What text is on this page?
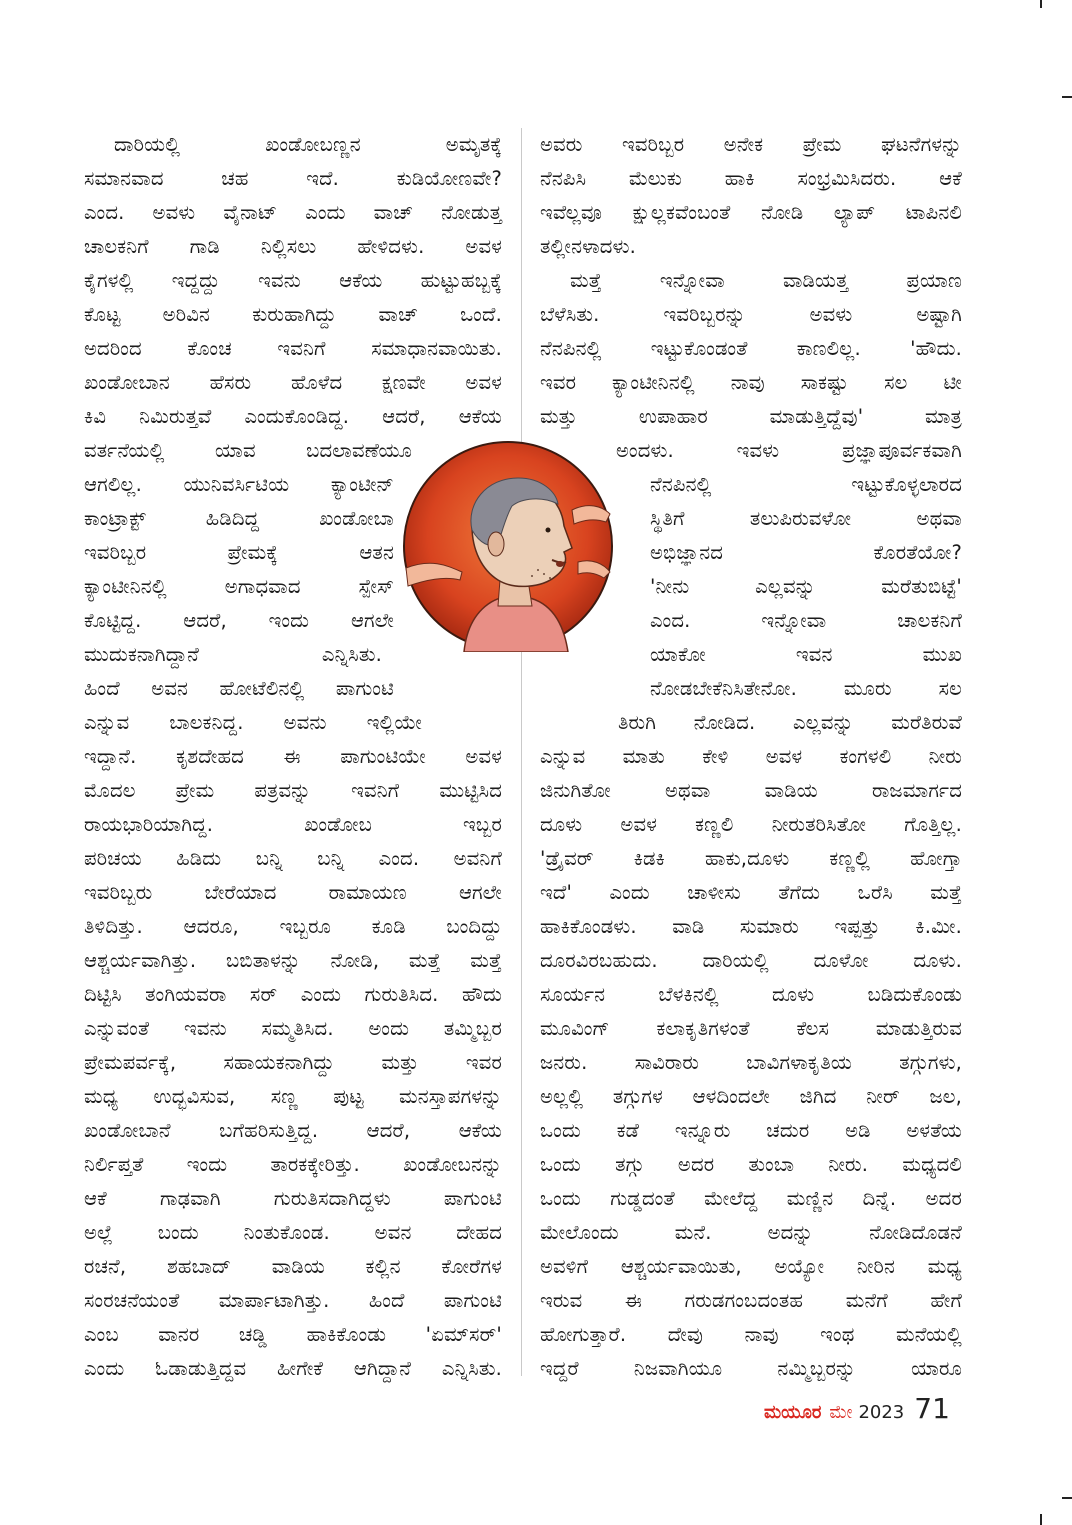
ದಾರಿಯಲ್ಲಿ ಖಂಡೋಬಣ್ಣನ ಅಮೃತಕ್ಕೆ
ಸಮಾನವಾದ ಚಹ ಇದೆ. ಕುಡಿಯೋಣವೇ?
ಎಂದ. ಅವಳು ವೈನಾಟ್ ಎಂದು ವಾಚ್ ನೋಡುತ್ತ
ಚಾಲಕನಿಗೆ ಗಾಡಿ ನಿಲ್ಲಿಸಲು ಹೇಳಿದಳು. ಅವಳ
ಕೈಗಳಲ್ಲಿ ಇದ್ದದ್ದು ಇವನು ಆಕೆಯ ಹುಟ್ಟುಹಬ್ಬಕ್ಕೆ
ಕೊಟ್ಟ ಅರಿವಿನ ಕುರುಹಾಗಿದ್ದು ವಾಚ್ ಒಂದೆ.
ಅದರಿಂದ ಕೊಂಚ ಇವನಿಗೆ ಸಮಾಧಾನವಾಯಿತು.
ಖಂಡೋಬಾನ ಹೆಸರು ಹೊಳೆದ ಕ್ಷಣವೇ ಅವಳ
ಕಿವಿ ನಿಮಿರುತ್ತವೆ ಎಂದುಕೊಂಡಿದ್ದ. ಆದರೆ, ಆಕೆಯ
ವರ್ತನೆಯಲ್ಲಿ ಯಾವ ಬದಲಾವಣೆಯೂ
ಆಗಲಿಲ್ಲ. ಯುನಿವರ್ಸಿಟಿಯ ಕ್ಯಾಂಟೀನ್
ಕಾಂಟ್ರಾಕ್ಟ್ ಹಿಡಿದಿದ್ದ ಖಂಡೋಬಾ
ಇವರಿಬ್ಬರ ಪ್ರೇಮಕ್ಕೆ ಆತನ
ಕ್ಯಾಂಟೀನಿನಲ್ಲಿ ಅಗಾಧವಾದ ಸ್ಪೇಸ್
ಕೊಟ್ಟಿದ್ದ. ಆದರೆ, ಇಂದು ಆಗಲೇ
ಮುದುಕನಾಗಿದ್ದಾನೆ ಎನ್ನಿಸಿತು.
ಹಿಂದೆ ಅವನ ಹೋಟೆಲಿನಲ್ಲಿ ಪಾಗುಂಟಿ
ಎನ್ನುವ ಬಾಲಕನಿದ್ದ. ಅವನು ಇಲ್ಲಿಯೇ
ಇದ್ದಾನೆ. ಕೃಶದೇಹದ ಈ ಪಾಗುಂಟಿಯೇ ಅವಳ
ಮೊದಲ ಪ್ರೇಮ ಪತ್ರವನ್ನು ಇವನಿಗೆ ಮುಟ್ಟಿಸಿದ
ರಾಯಭಾರಿಯಾಗಿದ್ದ. ಖಂಡೋಬ ಇಬ್ಬರ
ಪರಿಚಯ ಹಿಡಿದು ಬನ್ನಿ ಬನ್ನಿ ಎಂದ. ಅವನಿಗೆ
ಇವರಿಬ್ಬರು ಬೇರೆಯಾದ ರಾಮಾಯಣ ಆಗಲೇ
ತಿಳಿದಿತ್ತು. ಆದರೂ, ಇಬ್ಬರೂ ಕೂಡಿ ಬಂದಿದ್ದು
ಆಶ್ಚರ್ಯವಾಗಿತ್ತು. ಬಬಿತಾಳನ್ನು ನೋಡಿ, ಮತ್ತೆ ಮತ್ತೆ
ದಿಟ್ಟಿಸಿ ತಂಗಿಯವರಾ ಸರ್ ಎಂದು ಗುರುತಿಸಿದ. ಹೌದು
ಎನ್ನುವಂತೆ ಇವನು ಸಮ್ಮತಿಸಿದ. ಅಂದು ತಮ್ಮಿಬ್ಬರ
ಪ್ರೇಮಪರ್ವಕ್ಕೆ, ಸಹಾಯಕನಾಗಿದ್ದು ಮತ್ತು ಇವರ
ಮಧ್ಯ ಉದ್ಭವಿಸುವ, ಸಣ್ಣ ಪುಟ್ಟ ಮನಸ್ತಾಪಗಳನ್ನು
ಖಂಡೋಬಾನೆ ಬಗೆಹರಿಸುತ್ತಿದ್ದ. ಆದರೆ, ಆಕೆಯ
ನಿರ್ಲಿಪ್ತತೆ ಇಂದು ತಾರಕಕ್ಕೇರಿತ್ತು. ಖಂಡೋಬನನ್ನು
ಆಕೆ ಗಾಢವಾಗಿ ಗುರುತಿಸದಾಗಿದ್ದಳು ಪಾಗುಂಟಿ
ಅಲ್ಲೆ ಬಂದು ನಿಂತುಕೊಂಡ. ಅವನ ದೇಹದ
ರಚನೆ, ಶಹಬಾದ್ ವಾಡಿಯ ಕಲ್ಲಿನ ಕೋರೆಗಳ
ಸಂರಚನೆಯಂತೆ ಮಾರ್ಪಾಟಾಗಿತ್ತು. ಹಿಂದೆ ಪಾಗುಂಟಿ
ಎಂಬ ವಾನರ ಚಡ್ಡಿ ಹಾಕಿಕೊಂಡು 'ಏಮ್‌ಸರ್'
ಎಂದು ಓಡಾಡುತ್ತಿದ್ದವ ಹೀಗೇಕೆ ಆಗಿದ್ದಾನೆ ಎನ್ನಿಸಿತು.
ಅವರು ಇವರಿಬ್ಬರ ಅನೇಕ ಪ್ರೇಮ ಘಟನೆಗಳನ್ನು
ನೆನಪಿಸಿ ಮೆಲುಕು ಹಾಕಿ ಸಂಭ್ರಮಿಸಿದರು. ಆಕೆ
ಇವೆಲ್ಲವೂ ಕ್ಷುಲ್ಲಕವೆಂಬಂತೆ ನೋಡಿ ಲ್ಯಾಪ್ ಟಾಪಿನಲಿ
ತಲ್ಲೀನಳಾದಳು.
ಮತ್ತೆ ಇನ್ನೋವಾ ವಾಡಿಯತ್ತ ಪ್ರಯಾಣ
ಬೆಳೆಸಿತು. ಇವರಿಬ್ಬರನ್ನು ಅವಳು ಅಷ್ಟಾಗಿ
ನೆನಪಿನಲ್ಲಿ ಇಟ್ಟುಕೊಂಡಂತೆ ಕಾಣಲಿಲ್ಲ. 'ಹೌದು.
ಇವರ ಕ್ಯಾಂಟೀನಿನಲ್ಲಿ ನಾವು ಸಾಕಷ್ಟು ಸಲ ಟೀ
ಮತ್ತು ಉಪಾಹಾರ ಮಾಡುತ್ತಿದ್ದೆವು' ಮಾತ್ರ
ಅಂದಳು. ಇವಳು ಪ್ರಜ್ಞಾಪೂರ್ವಕವಾಗಿ
ನೆನಪಿನಲ್ಲಿ ಇಟ್ಟುಕೊಳ್ಳಲಾರದ
ಸ್ಥಿತಿಗೆ ತಲುಪಿರುವಳೋ ಅಥವಾ
ಅಭಿಜ್ಞಾನದ ಕೊರತೆಯೋ?
'ನೀನು ಎಲ್ಲವನ್ನು ಮರೆತುಬಿಟ್ಟೆ'
ಎಂದ. ಇನ್ನೋವಾ ಚಾಲಕನಿಗೆ
ಯಾಕೋ ಇವನ ಮುಖ
ನೋಡಬೇಕೆನಿಸಿತೇನೋ. ಮೂರು ಸಲ
ತಿರುಗಿ ನೋಡಿದ. ಎಲ್ಲವನ್ನು ಮರೆತಿರುವೆ
ಎನ್ನುವ ಮಾತು ಕೇಳಿ ಅವಳ ಕಂಗಳಲಿ ನೀರು
ಜಿನುಗಿತೋ ಅಥವಾ ವಾಡಿಯ ರಾಜಮಾರ್ಗದ
ದೂಳು ಅವಳ ಕಣ್ಣಲಿ ನೀರುತರಿಸಿತೋ ಗೊತ್ತಿಲ್ಲ.
'ಡ್ರೈವರ್ ಕಿಡಕಿ ಹಾಕು,ದೂಳು ಕಣ್ಣಲ್ಲಿ ಹೋಗ್ತಾ
ಇದೆ' ಎಂದು ಚಾಳೀಸು ತೆಗೆದು ಒರೆಸಿ ಮತ್ತೆ
ಹಾಕಿಕೊಂಡಳು. ವಾಡಿ ಸುಮಾರು ಇಪ್ಪತ್ತು ಕಿ.ಮೀ.
ದೂರವಿರಬಹುದು. ದಾರಿಯಲ್ಲಿ ದೂಳೋ ದೂಳು.
ಸೂರ್ಯನ ಬೆಳಕಿನಲ್ಲಿ ದೂಳು ಬಡಿದುಕೊಂಡು
ಮೂವಿಂಗ್ ಕಲಾಕೃತಿಗಳಂತೆ ಕೆಲಸ ಮಾಡುತ್ತಿರುವ
ಜನರು. ಸಾವಿರಾರು ಬಾವಿಗಳಾಕೃತಿಯ ತಗ್ಗುಗಳು,
ಅಲ್ಲಲ್ಲಿ ತಗ್ಗುಗಳ ಆಳದಿಂದಲೇ ಜಿಗಿದ ನೀರ್ ಜಲ,
ಒಂದು ಕಡೆ ಇನ್ನೂರು ಚದುರ ಅಡಿ ಅಳತೆಯ
ಒಂದು ತಗ್ಗು ಅದರ ತುಂಬಾ ನೀರು. ಮಧ್ಯದಲಿ
ಒಂದು ಗುಡ್ಡದಂತೆ ಮೇಲೆದ್ದ ಮಣ್ಣಿನ ದಿನ್ನೆ. ಅದರ
ಮೇಲೊಂದು ಮನೆ. ಅದನ್ನು ನೋಡಿದೊಡನೆ
ಅವಳಿಗೆ ಆಶ್ಚರ್ಯವಾಯಿತು, ಅಯ್ಯೋ ನೀರಿನ ಮಧ್ಯ
ಇರುವ ಈ ಗರುಡಗಂಬದಂತಹ ಮನೆಗೆ ಹೇಗೆ
ಹೋಗುತ್ತಾರೆ. ದೇವು ನಾವು ಇಂಥ ಮನೆಯಲ್ಲಿ
ಇದ್ದರೆ ನಿಜವಾಗಿಯೂ ನಮ್ಮಿಬ್ಬರನ್ನು ಯಾರೂ
ಮಯೂರ ಮೇ 2023 71
